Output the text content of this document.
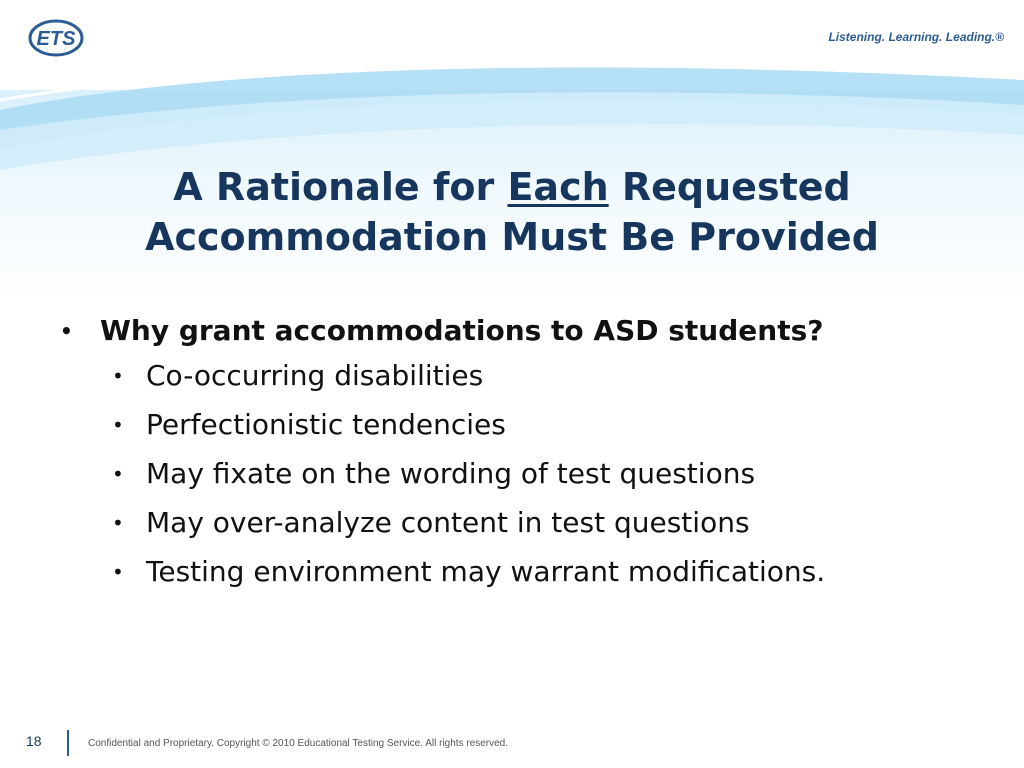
ETS	Listening. Learning. Leading.®
A Rationale for Each Requested Accommodation Must Be Provided
• Why grant accommodations to ASD students?
• Co-occurring disabilities
• Perfectionistic tendencies
• May fixate on the wording of test questions
• May over-analyze content in test questions
• Testing environment may warrant modifications.
18	Confidential and Proprietary. Copyright © 2010 Educational Testing Service. All rights reserved.
